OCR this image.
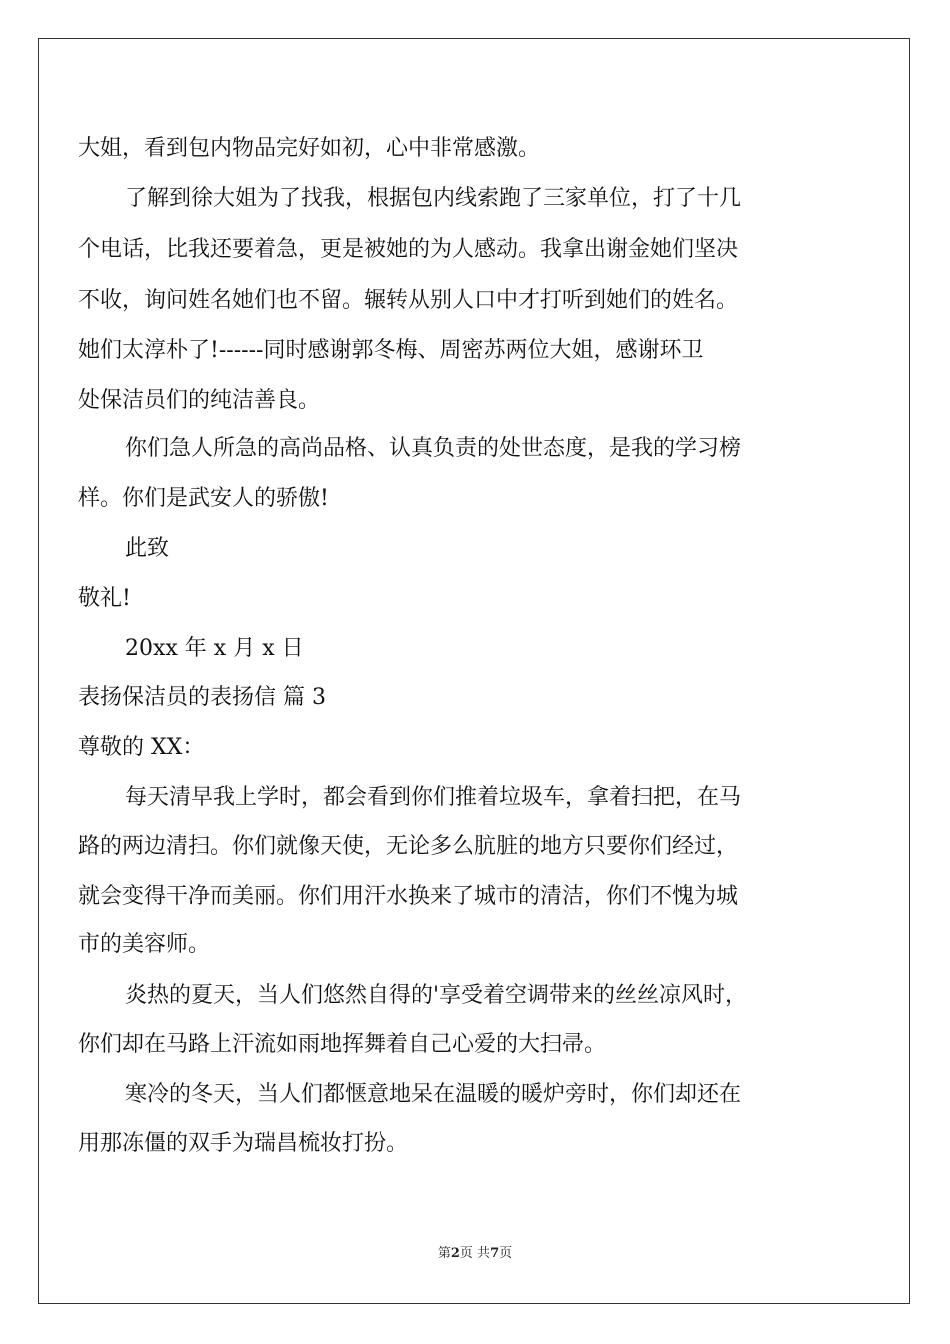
大姐，看到包内物品完好如初，心中非常感激。
了解到徐大姐为了找我，根据包内线索跑了三家单位，打了十几
个电话，比我还要着急，更是被她的为人感动。我拿出谢金她们坚决
不收，询问姓名她们也不留。辗转从别人口中才打听到她们的姓名。
她们太淳朴了!------同时感谢郭冬梅、周密苏两位大姐，感谢环卫
处保洁员们的纯洁善良。
你们急人所急的高尚品格、认真负责的处世态度，是我的学习榜
样。你们是武安人的骄傲!
此致
敬礼!
20xx 年 x 月 x 日
表扬保洁员的表扬信 篇 3
尊敬的 XX：
每天清早我上学时，都会看到你们推着垃圾车，拿着扫把，在马
路的两边清扫。你们就像天使，无论多么肮脏的地方只要你们经过，
就会变得干净而美丽。你们用汗水换来了城市的清洁，你们不愧为城
市的美容师。
炎热的夏天，当人们悠然自得的'享受着空调带来的丝丝凉风时，
你们却在马路上汗流如雨地挥舞着自己心爱的大扫帚。
寒冷的冬天，当人们都惬意地呆在温暖的暖炉旁时，你们却还在
用那冻僵的双手为瑞昌梳妆打扮。
第2页 共7页
